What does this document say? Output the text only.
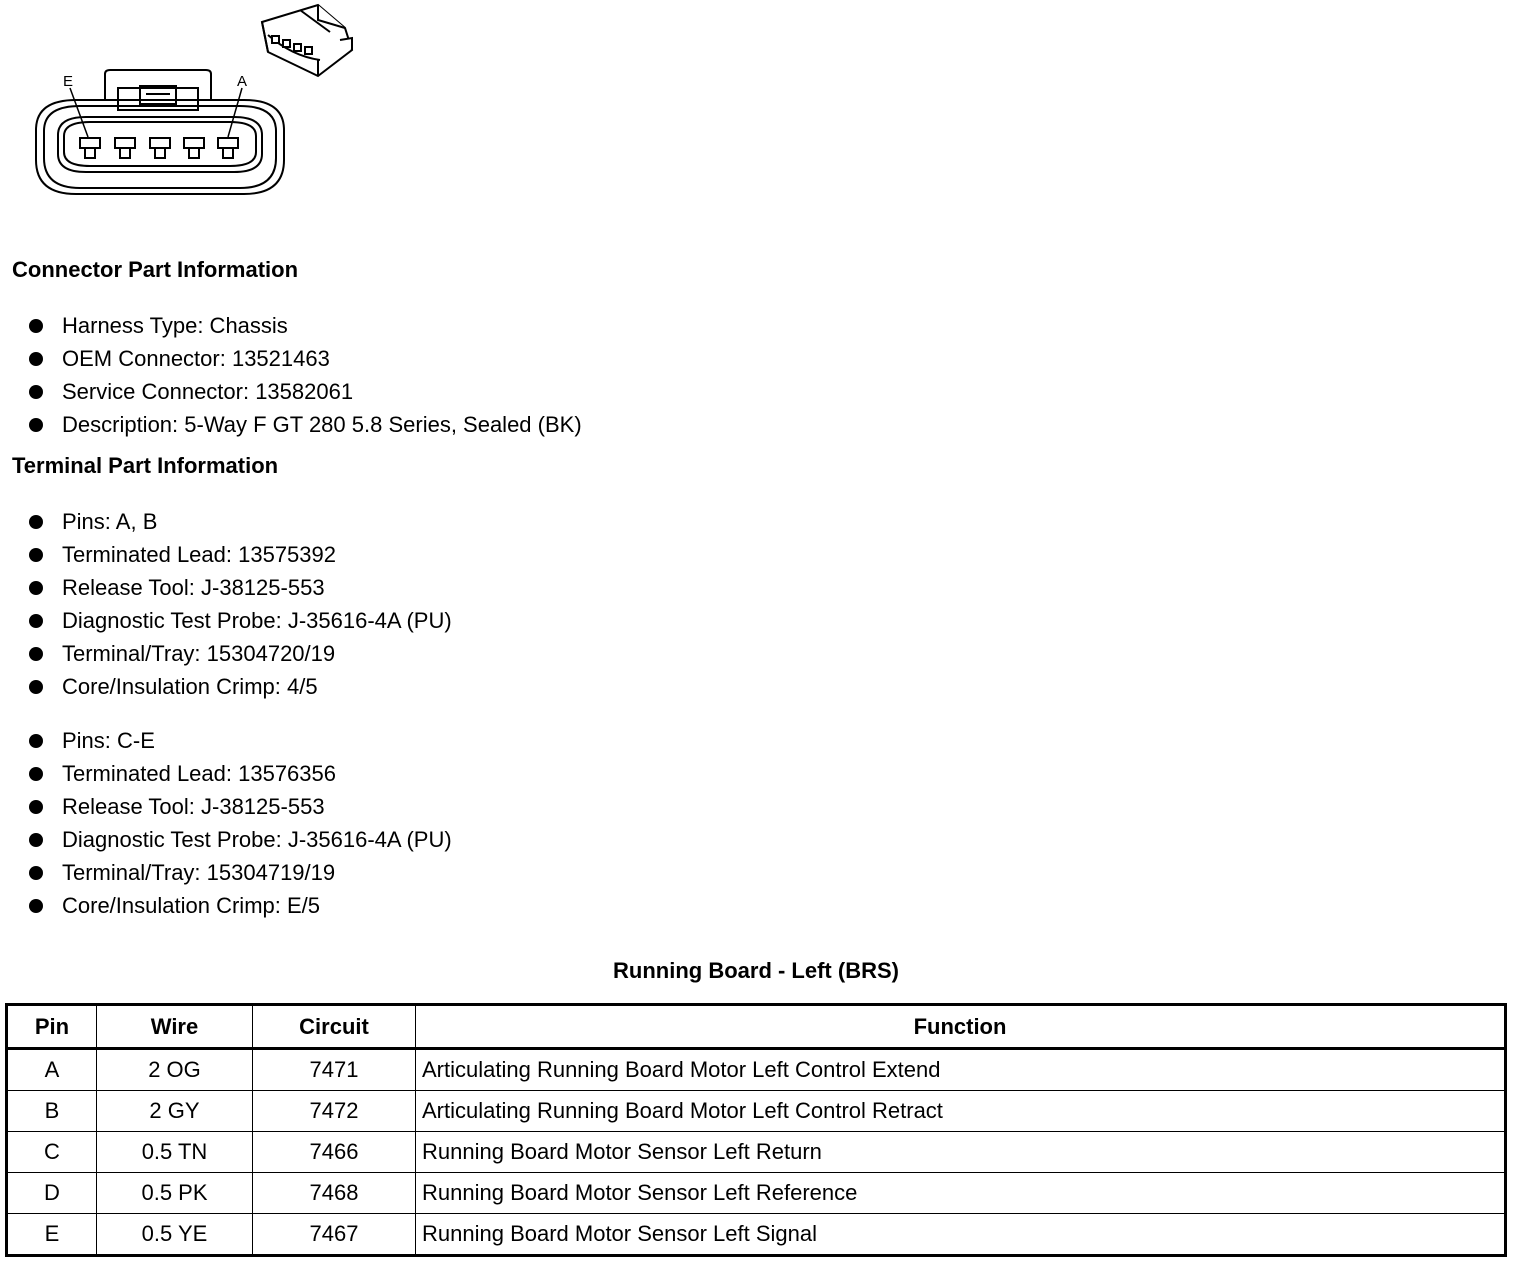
E	A
Connector Part Information
Harness Type: Chassis
OEM Connector: 13521463
Service Connector: 13582061
Description: 5-Way F GT 280 5.8 Series, Sealed (BK)
Terminal Part Information
Pins: A, B
Terminated Lead: 13575392
Release Tool: J-38125-553
Diagnostic Test Probe: J-35616-4A (PU)
Terminal/Tray: 15304720/19
Core/Insulation Crimp: 4/5
Pins: C-E
Terminated Lead: 13576356
Release Tool: J-38125-553
Diagnostic Test Probe: J-35616-4A (PU)
Terminal/Tray: 15304719/19
Core/Insulation Crimp: E/5
Running Board - Left (BRS)
Pin	Wire	Circuit	Function
A	2 OG	7471	Articulating Running Board Motor Left Control Extend
B	2 GY	7472	Articulating Running Board Motor Left Control Retract
C	0.5 TN	7466	Running Board Motor Sensor Left Return
D	0.5 PK	7468	Running Board Motor Sensor Left Reference
E	0.5 YE	7467	Running Board Motor Sensor Left Signal
